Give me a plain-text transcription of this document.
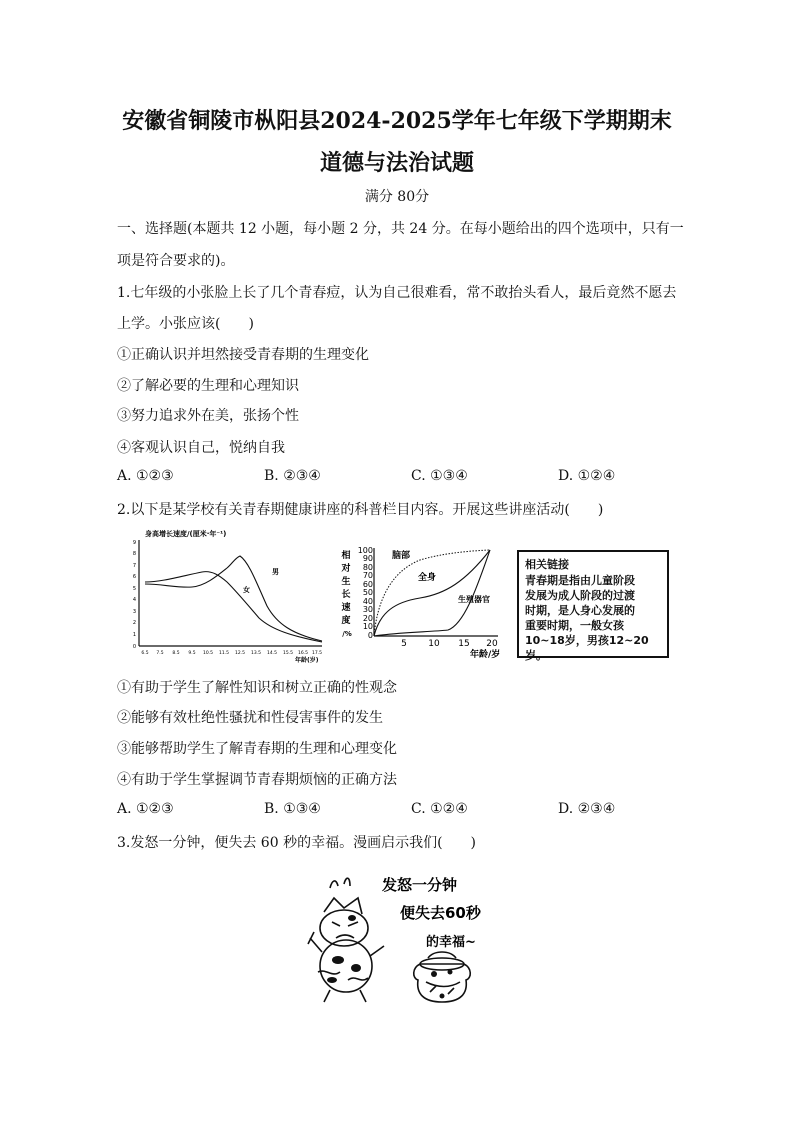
安徽省铜陵市枞阳县2024-2025学年七年级下学期期末
道德与法治试题
满分 80分
一、选择题(本题共 12 小题，每小题 2 分，共 24 分。在每小题给出的四个选项中，只有一
项是符合要求的)。
1.七年级的小张脸上长了几个青春痘，认为自己很难看，常不敢抬头看人，最后竟然不愿去
上学。小张应该(　　)
①正确认识并坦然接受青春期的生理变化
②了解必要的生理和心理知识
③努力追求外在美，张扬个性
④客观认识自己，悦纳自我
A. ①②③	B. ②③④	C. ①③④	D. ①②④
2.以下是某学校有关青春期健康讲座的科普栏目内容。开展这些讲座活动(　　)
身高增长速度/(厘米·年⁻¹)
9
8
7
6
5
4
3
2
1
0
6.5 7.5 8.5 9.5 10.5 11.5 12.5 13.5 14.5 15.5 16.5 17.5
年龄(岁)
男
女
相
对
生
长
速
度
/%
100
90
80
70
60
50
40
30
20
10
0
5 10 15 20
年龄/岁
脑部
全身
生殖器官
相关链接
青春期是指由儿童阶段
发展为成人阶段的过渡
时期，是人身心发展的
重要时期，一般女孩
10~18岁，男孩12~20
岁。
①有助于学生了解性知识和树立正确的性观念
②能够有效杜绝性骚扰和性侵害事件的发生
③能够帮助学生了解青春期的生理和心理变化
④有助于学生掌握调节青春期烦恼的正确方法
A. ①②③	B. ①③④	C. ①②④	D. ②③④
3.发怒一分钟，便失去 60 秒的幸福。漫画启示我们(　　)
发怒一分钟
便失去60秒
的幸福~
